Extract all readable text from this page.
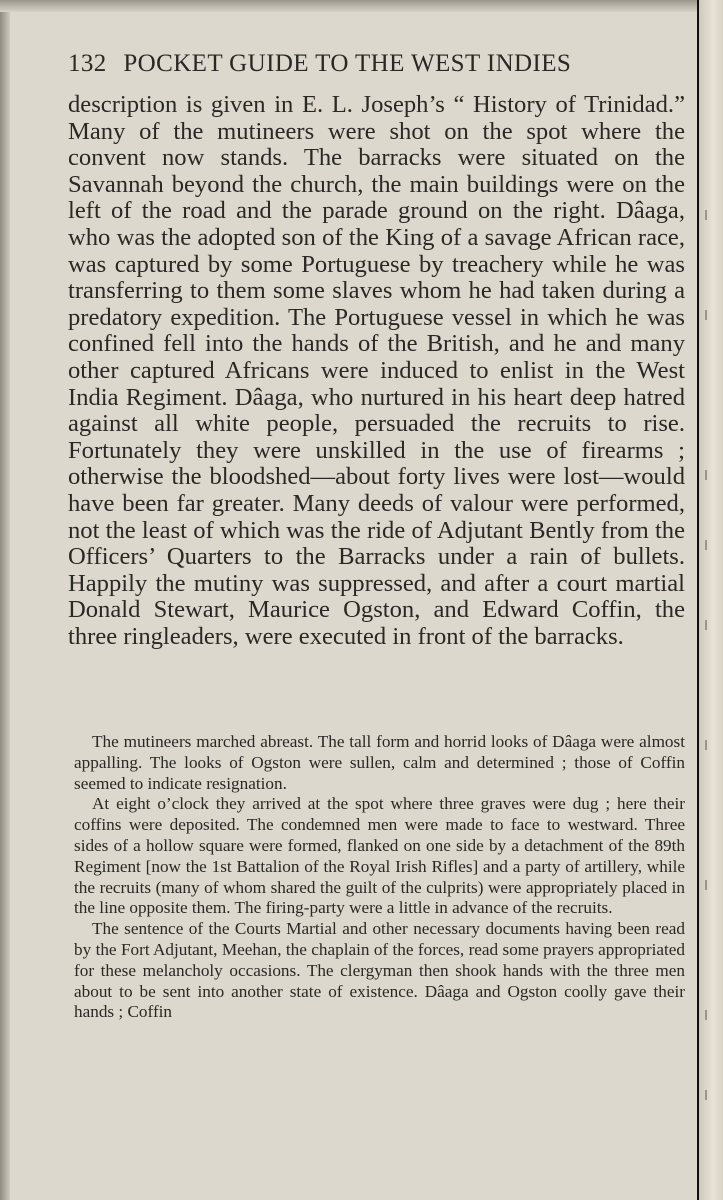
132 POCKET GUIDE TO THE WEST INDIES

description is given in E. L. Joseph’s “ History of Trinidad.” Many of the mutineers were shot on the spot where the convent now stands. The barracks were situated on the Savannah beyond the church, the main buildings were on the left of the road and the parade ground on the right. Dâaga, who was the adopted son of the King of a savage African race, was captured by some Portuguese by treachery while he was transferring to them some slaves whom he had taken during a predatory expedition. The Portuguese vessel in which he was confined fell into the hands of the British, and he and many other captured Africans were induced to enlist in the West India Regiment. Dâaga, who nurtured in his heart deep hatred against all white people, persuaded the recruits to rise. Fortunately they were unskilled in the use of firearms ; otherwise the bloodshed—about forty lives were lost—would have been far greater. Many deeds of valour were performed, not the least of which was the ride of Adjutant Bently from the Officers’ Quarters to the Barracks under a rain of bullets. Happily the mutiny was suppressed, and after a court martial Donald Stewart, Maurice Ogston, and Edward Coffin, the three ringleaders, were executed in front of the barracks.

The mutineers marched abreast. The tall form and horrid looks of Dâaga were almost appalling. The looks of Ogston were sullen, calm and determined ; those of Coffin seemed to indicate resignation.

At eight o’clock they arrived at the spot where three graves were dug ; here their coffins were deposited. The condemned men were made to face to westward. Three sides of a hollow square were formed, flanked on one side by a detachment of the 89th Regiment [now the 1st Battalion of the Royal Irish Rifles] and a party of artillery, while the recruits (many of whom shared the guilt of the culprits) were appropriately placed in the line opposite them. The firing-party were a little in advance of the recruits.

The sentence of the Courts Martial and other necessary documents having been read by the Fort Adjutant, Meehan, the chaplain of the forces, read some prayers appropriated for these melancholy occasions. The clergyman then shook hands with the three men about to be sent into another state of existence. Dâaga and Ogston coolly gave their hands ; Coffin
